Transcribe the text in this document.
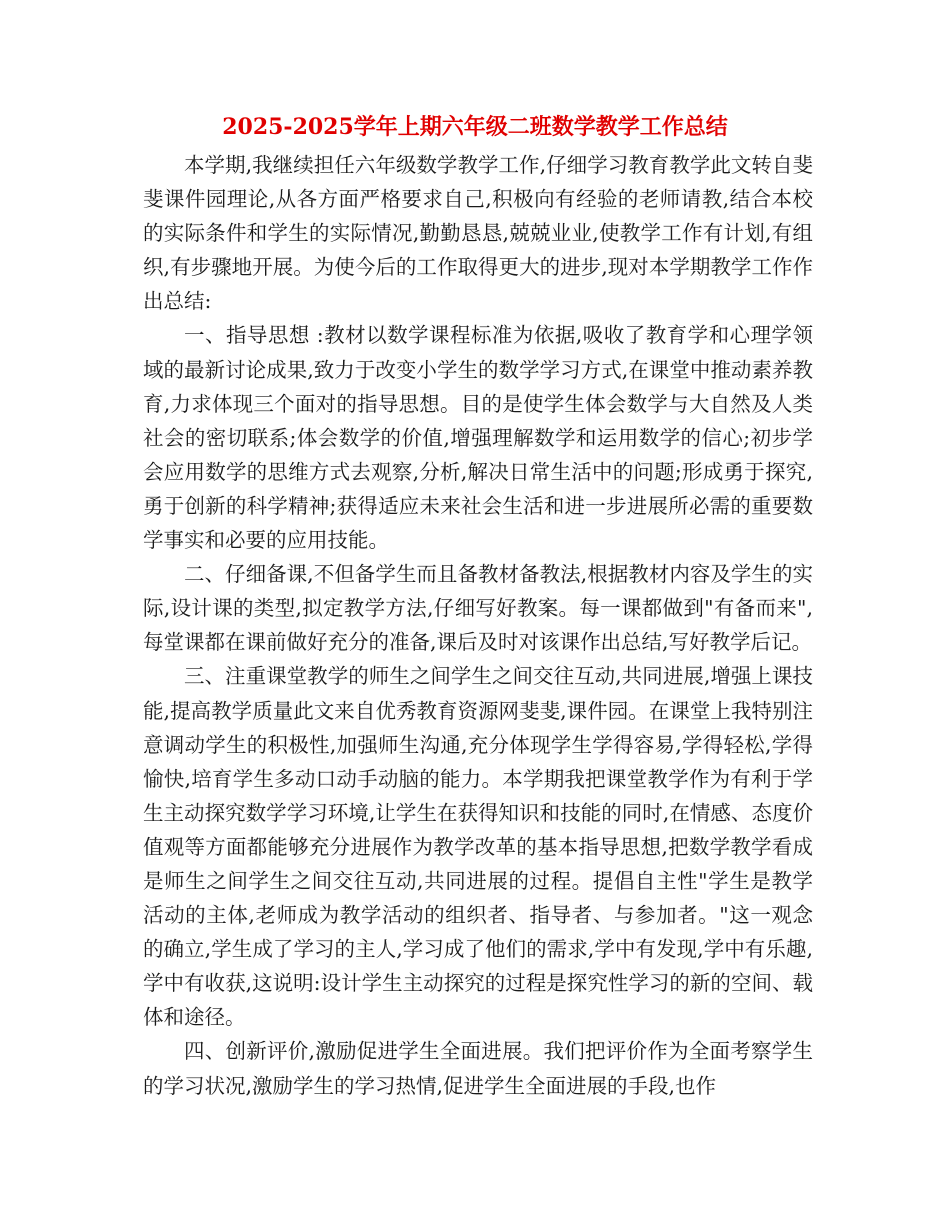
2025-2025学年上期六年级二班数学教学工作总结

本学期,我继续担任六年级数学教学工作,仔细学习教育教学此文转自斐斐课件园理论,从各方面严格要求自己,积极向有经验的老师请教,结合本校的实际条件和学生的实际情况,勤勤恳恳,兢兢业业,使教学工作有计划,有组织,有步骤地开展。为使今后的工作取得更大的进步,现对本学期教学工作作出总结:

一、指导思想 :教材以数学课程标准为依据,吸收了教育学和心理学领域的最新讨论成果,致力于改变小学生的数学学习方式,在课堂中推动素养教育,力求体现三个面对的指导思想。目的是使学生体会数学与大自然及人类社会的密切联系;体会数学的价值,增强理解数学和运用数学的信心;初步学会应用数学的思维方式去观察,分析,解决日常生活中的问题;形成勇于探究,勇于创新的科学精神;获得适应未来社会生活和进一步进展所必需的重要数学事实和必要的应用技能。

二、仔细备课,不但备学生而且备教材备教法,根据教材内容及学生的实际,设计课的类型,拟定教学方法,仔细写好教案。每一课都做到"有备而来",每堂课都在课前做好充分的准备,课后及时对该课作出总结,写好教学后记。

三、注重课堂教学的师生之间学生之间交往互动,共同进展,增强上课技能,提高教学质量此文来自优秀教育资源网斐斐,课件园。在课堂上我特别注意调动学生的积极性,加强师生沟通,充分体现学生学得容易,学得轻松,学得愉快,培育学生多动口动手动脑的能力。本学期我把课堂教学作为有利于学生主动探究数学学习环境,让学生在获得知识和技能的同时,在情感、态度价值观等方面都能够充分进展作为教学改革的基本指导思想,把数学教学看成是师生之间学生之间交往互动,共同进展的过程。提倡自主性"学生是教学活动的主体,老师成为教学活动的组织者、指导者、与参加者。"这一观念的确立,学生成了学习的主人,学习成了他们的需求,学中有发现,学中有乐趣,学中有收获,这说明:设计学生主动探究的过程是探究性学习的新的空间、载体和途径。

四、创新评价,激励促进学生全面进展。我们把评价作为全面考察学生的学习状况,激励学生的学习热情,促进学生全面进展的手段,也作
